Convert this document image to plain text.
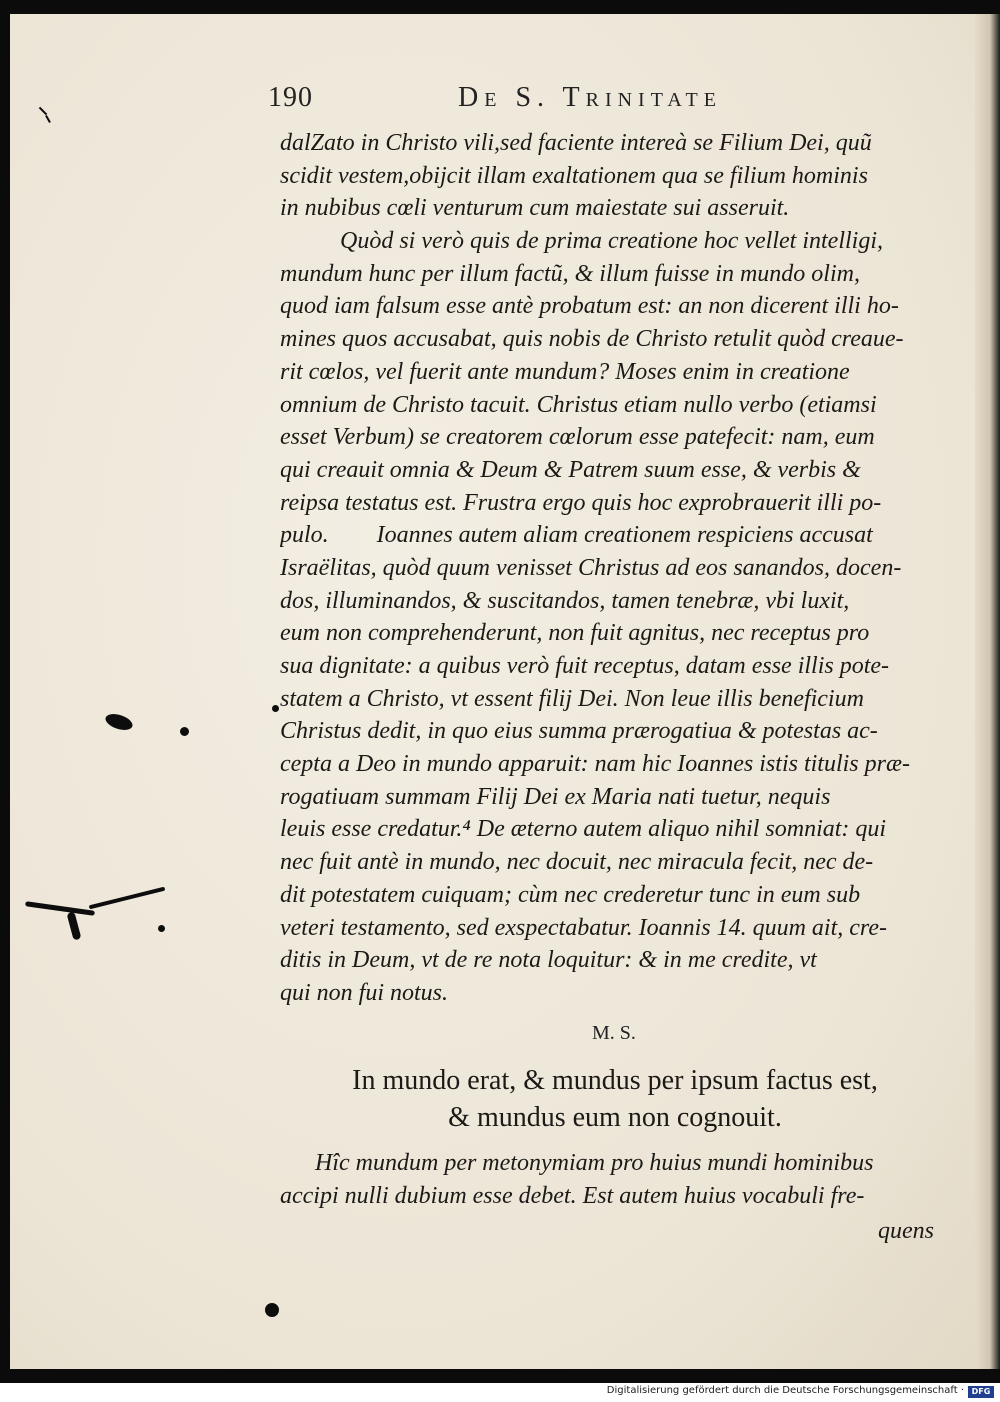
190	De S. Trinitate
dalZato in Christo vili,sed faciente intereà se Filium Dei, quũ
scidit vestem,obijcit illam exaltationem qua se filium hominis
in nubibus cœli venturum cum maiestate sui asseruit.
Quòd si verò quis de prima creatione hoc vellet intelligi,
mundum hunc per illum factũ, & illum fuisse in mundo olim,
quod iam falsum esse antè probatum est: an non dicerent illi ho-
mines quos accusabat, quis nobis de Christo retulit quòd creaue-
rit cœlos, vel fuerit ante mundum? Moses enim in creatione
omnium de Christo tacuit. Christus etiam nullo verbo (etiamsi
esset Verbum) se creatorem cœlorum esse patefecit: nam, eum
qui creauit omnia & Deum & Patrem suum esse, & verbis &
reipsa testatus est. Frustra ergo quis hoc exprobrauerit illi po-
pulo.        Ioannes autem aliam creationem respiciens accusat
Israëlitas, quòd quum venisset Christus ad eos sanandos, docen-
dos, illuminandos, & suscitandos, tamen tenebræ, vbi luxit,
eum non comprehenderunt, non fuit agnitus, nec receptus pro
sua dignitate: a quibus verò fuit receptus, datam esse illis pote-
statem a Christo, vt essent filij Dei. Non leue illis beneficium
Christus dedit, in quo eius summa prærogatiua & potestas ac-
cepta a Deo in mundo apparuit: nam hic Ioannes istis titulis præ-
rogatiuam summam Filij Dei ex Maria nati tuetur, nequis
leuis esse credatur.⁴ De æterno autem aliquo nihil somniat: qui
nec fuit antè in mundo, nec docuit, nec miracula fecit, nec de-
dit potestatem cuiquam; cùm nec crederetur tunc in eum sub
veteri testamento, sed exspectabatur. Ioannis 14. quum ait, cre-
ditis in Deum, vt de re nota loquitur: & in me credite, vt
qui non fui notus.
M. S.
In mundo erat, & mundus per ipsum factus est,
& mundus eum non cognouit.
Hîc mundum per metonymiam pro huius mundi hominibus
accipi nulli dubium esse debet. Est autem huius vocabuli fre-
quens
Digitalisierung gefördert durch die Deutsche Forschungsgemeinschaft · DFG
